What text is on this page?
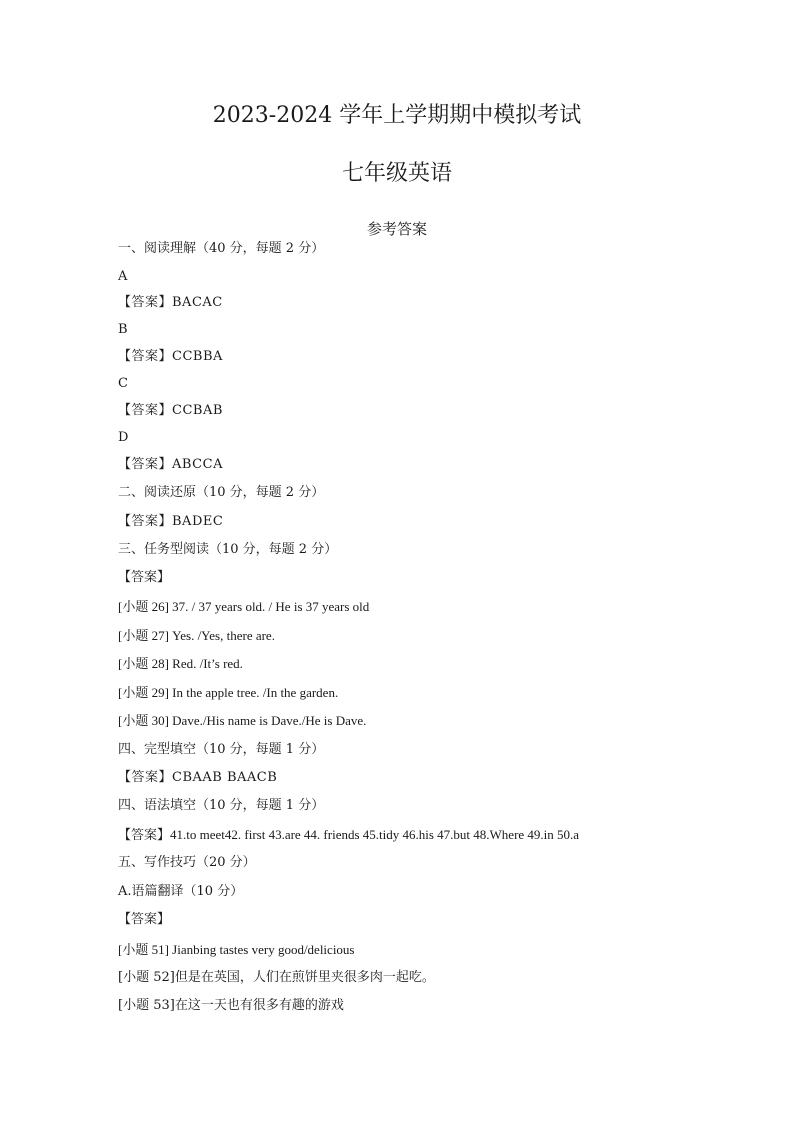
2023-2024 学年上学期期中模拟考试
七年级英语
参考答案
一、阅读理解（40 分，每题 2 分）
A
【答案】BACAC
B
【答案】CCBBA
C
【答案】CCBAB
D
【答案】ABCCA
二、阅读还原（10 分，每题 2 分）
【答案】BADEC
三、任务型阅读（10 分，每题 2 分）
【答案】
[小题 26] 37. / 37 years old. / He is 37 years old
[小题 27] Yes. /Yes, there are.
[小题 28] Red. /It’s red.
[小题 29] In the apple tree. /In the garden.
[小题 30] Dave./His name is Dave./He is Dave.
四、完型填空（10 分，每题 1 分）
【答案】CBAAB BAACB
四、语法填空（10 分，每题 1 分）
【答案】41.to meet42. first 43.are 44. friends 45.tidy 46.his 47.but 48.Where 49.in 50.a
五、写作技巧（20 分）
A.语篇翻译（10 分）
【答案】
[小题 51] Jianbing tastes very good/delicious
[小题 52]但是在英国，人们在煎饼里夹很多肉一起吃。
[小题 53]在这一天也有很多有趣的游戏
